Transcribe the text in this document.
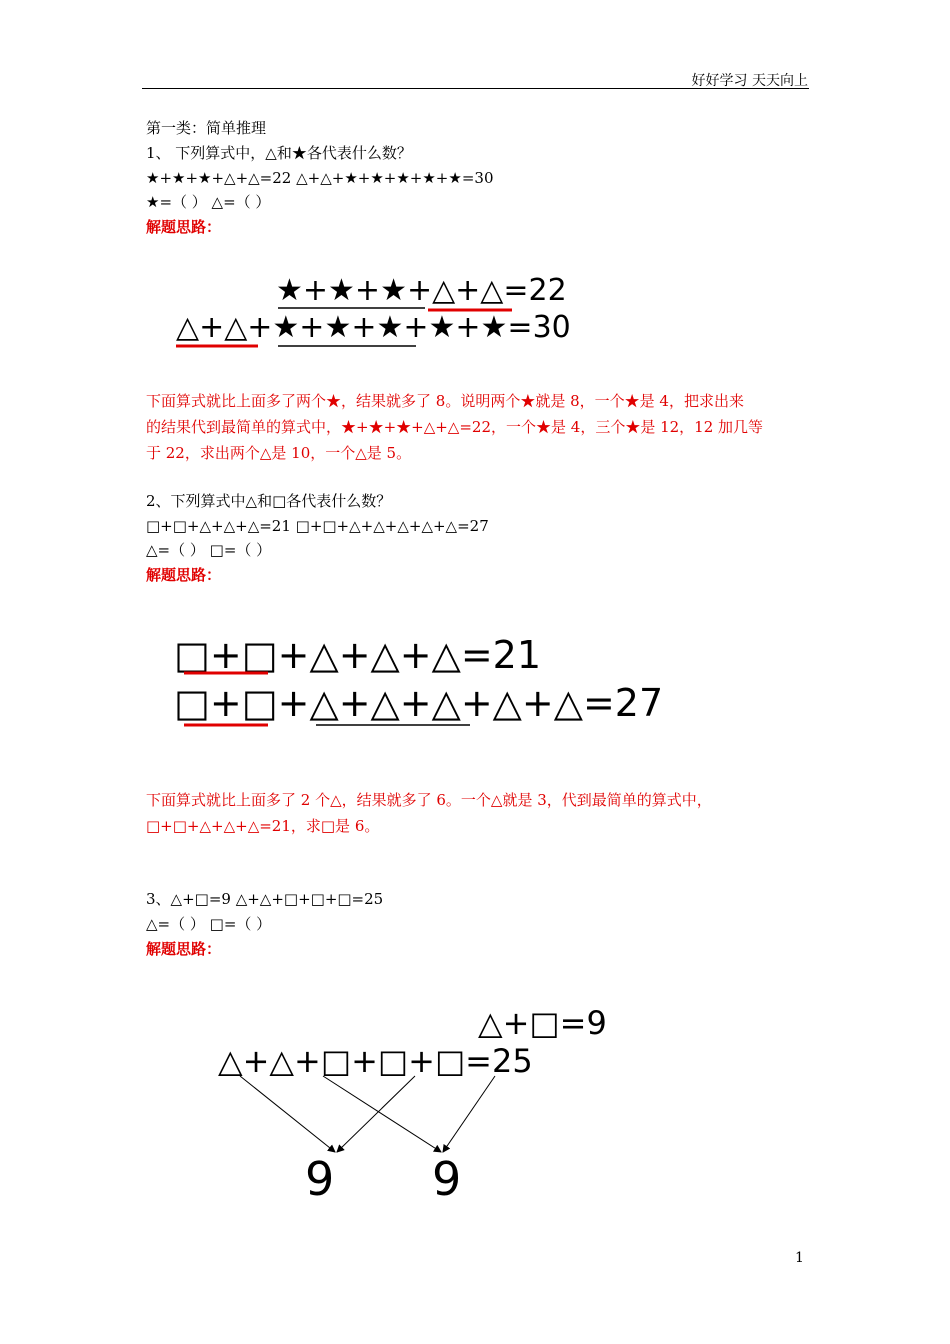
好好学习 天天向上
第一类：简单推理
1、 下列算式中，△和★各代表什么数？
★+★+★+△+△=22 △+△+★+★+★+★+★=30
★=（ ） △=（ ）
解题思路：
★+★+★+△+△=22
△+△+★+★+★+★+★=30
下面算式就比上面多了两个★，结果就多了 8。说明两个★就是 8，一个★是 4，把求出来
的结果代到最简单的算式中，★+★+★+△+△=22，一个★是 4，三个★是 12，12 加几等
于 22，求出两个△是 10，一个△是 5。
2、下列算式中△和□各代表什么数？
□+□+△+△+△=21 □+□+△+△+△+△+△=27
△=（ ） □=（ ）
解题思路：
□+□+△+△+△=21
□+□+△+△+△+△+△=27
下面算式就比上面多了 2 个△，结果就多了 6。一个△就是 3，代到最简单的算式中，
□+□+△+△+△=21，求□是 6。
3、△+□=9 △+△+□+□+□=25
△=（ ） □=（ ）
解题思路：
△+□=9
△+△+□+□+□=25
9 9
1
